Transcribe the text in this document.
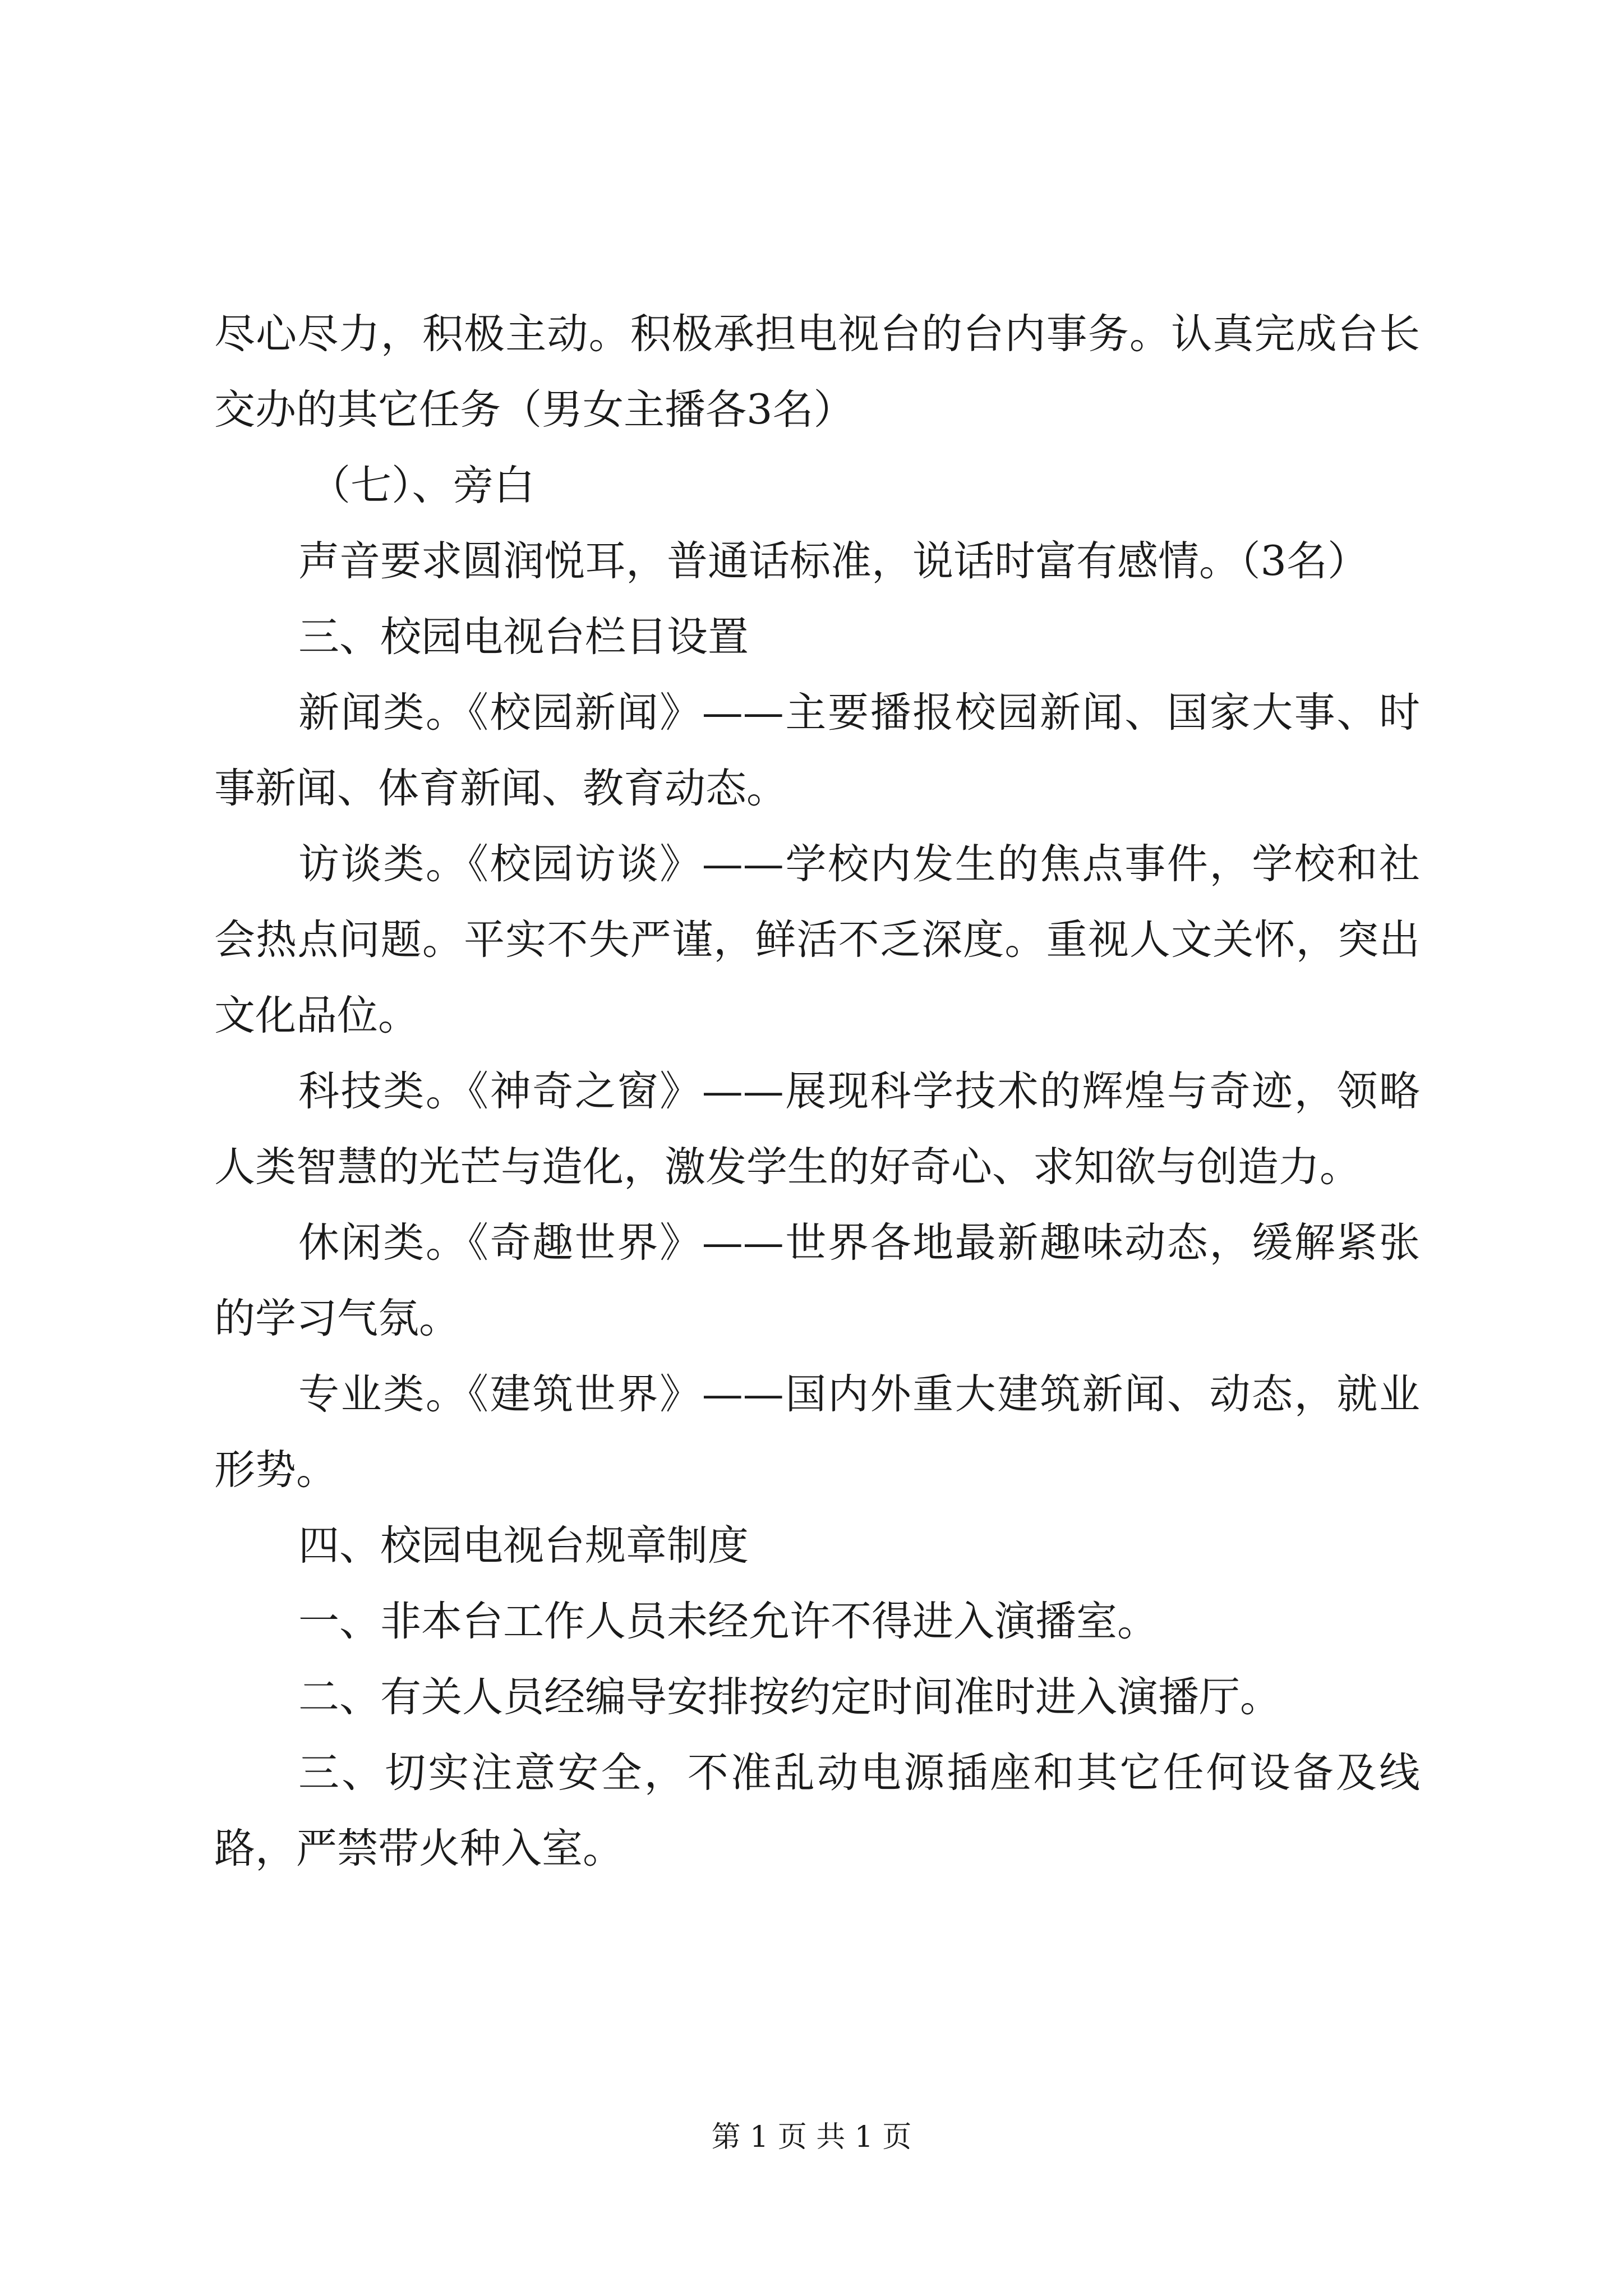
尽心尽力，积极主动。积极承担电视台的台内事务。认真完成台长交办的其它任务（男女主播各3名）

（七）、旁白

声音要求圆润悦耳，普通话标准，说话时富有感情。（3名）

三、校园电视台栏目设置

新闻类。《校园新闻》——主要播报校园新闻、国家大事、时事新闻、体育新闻、教育动态。

访谈类。《校园访谈》——学校内发生的焦点事件，学校和社会热点问题。平实不失严谨，鲜活不乏深度。重视人文关怀，突出文化品位。

科技类。《神奇之窗》——展现科学技术的辉煌与奇迹，领略人类智慧的光芒与造化，激发学生的好奇心、求知欲与创造力。

休闲类。《奇趣世界》——世界各地最新趣味动态，缓解紧张的学习气氛。

专业类。《建筑世界》——国内外重大建筑新闻、动态，就业形势。

四、校园电视台规章制度

一、非本台工作人员未经允许不得进入演播室。

二、有关人员经编导安排按约定时间准时进入演播厅。

三、切实注意安全，不准乱动电源插座和其它任何设备及线路，严禁带火种入室。

第 1 页 共 1 页
